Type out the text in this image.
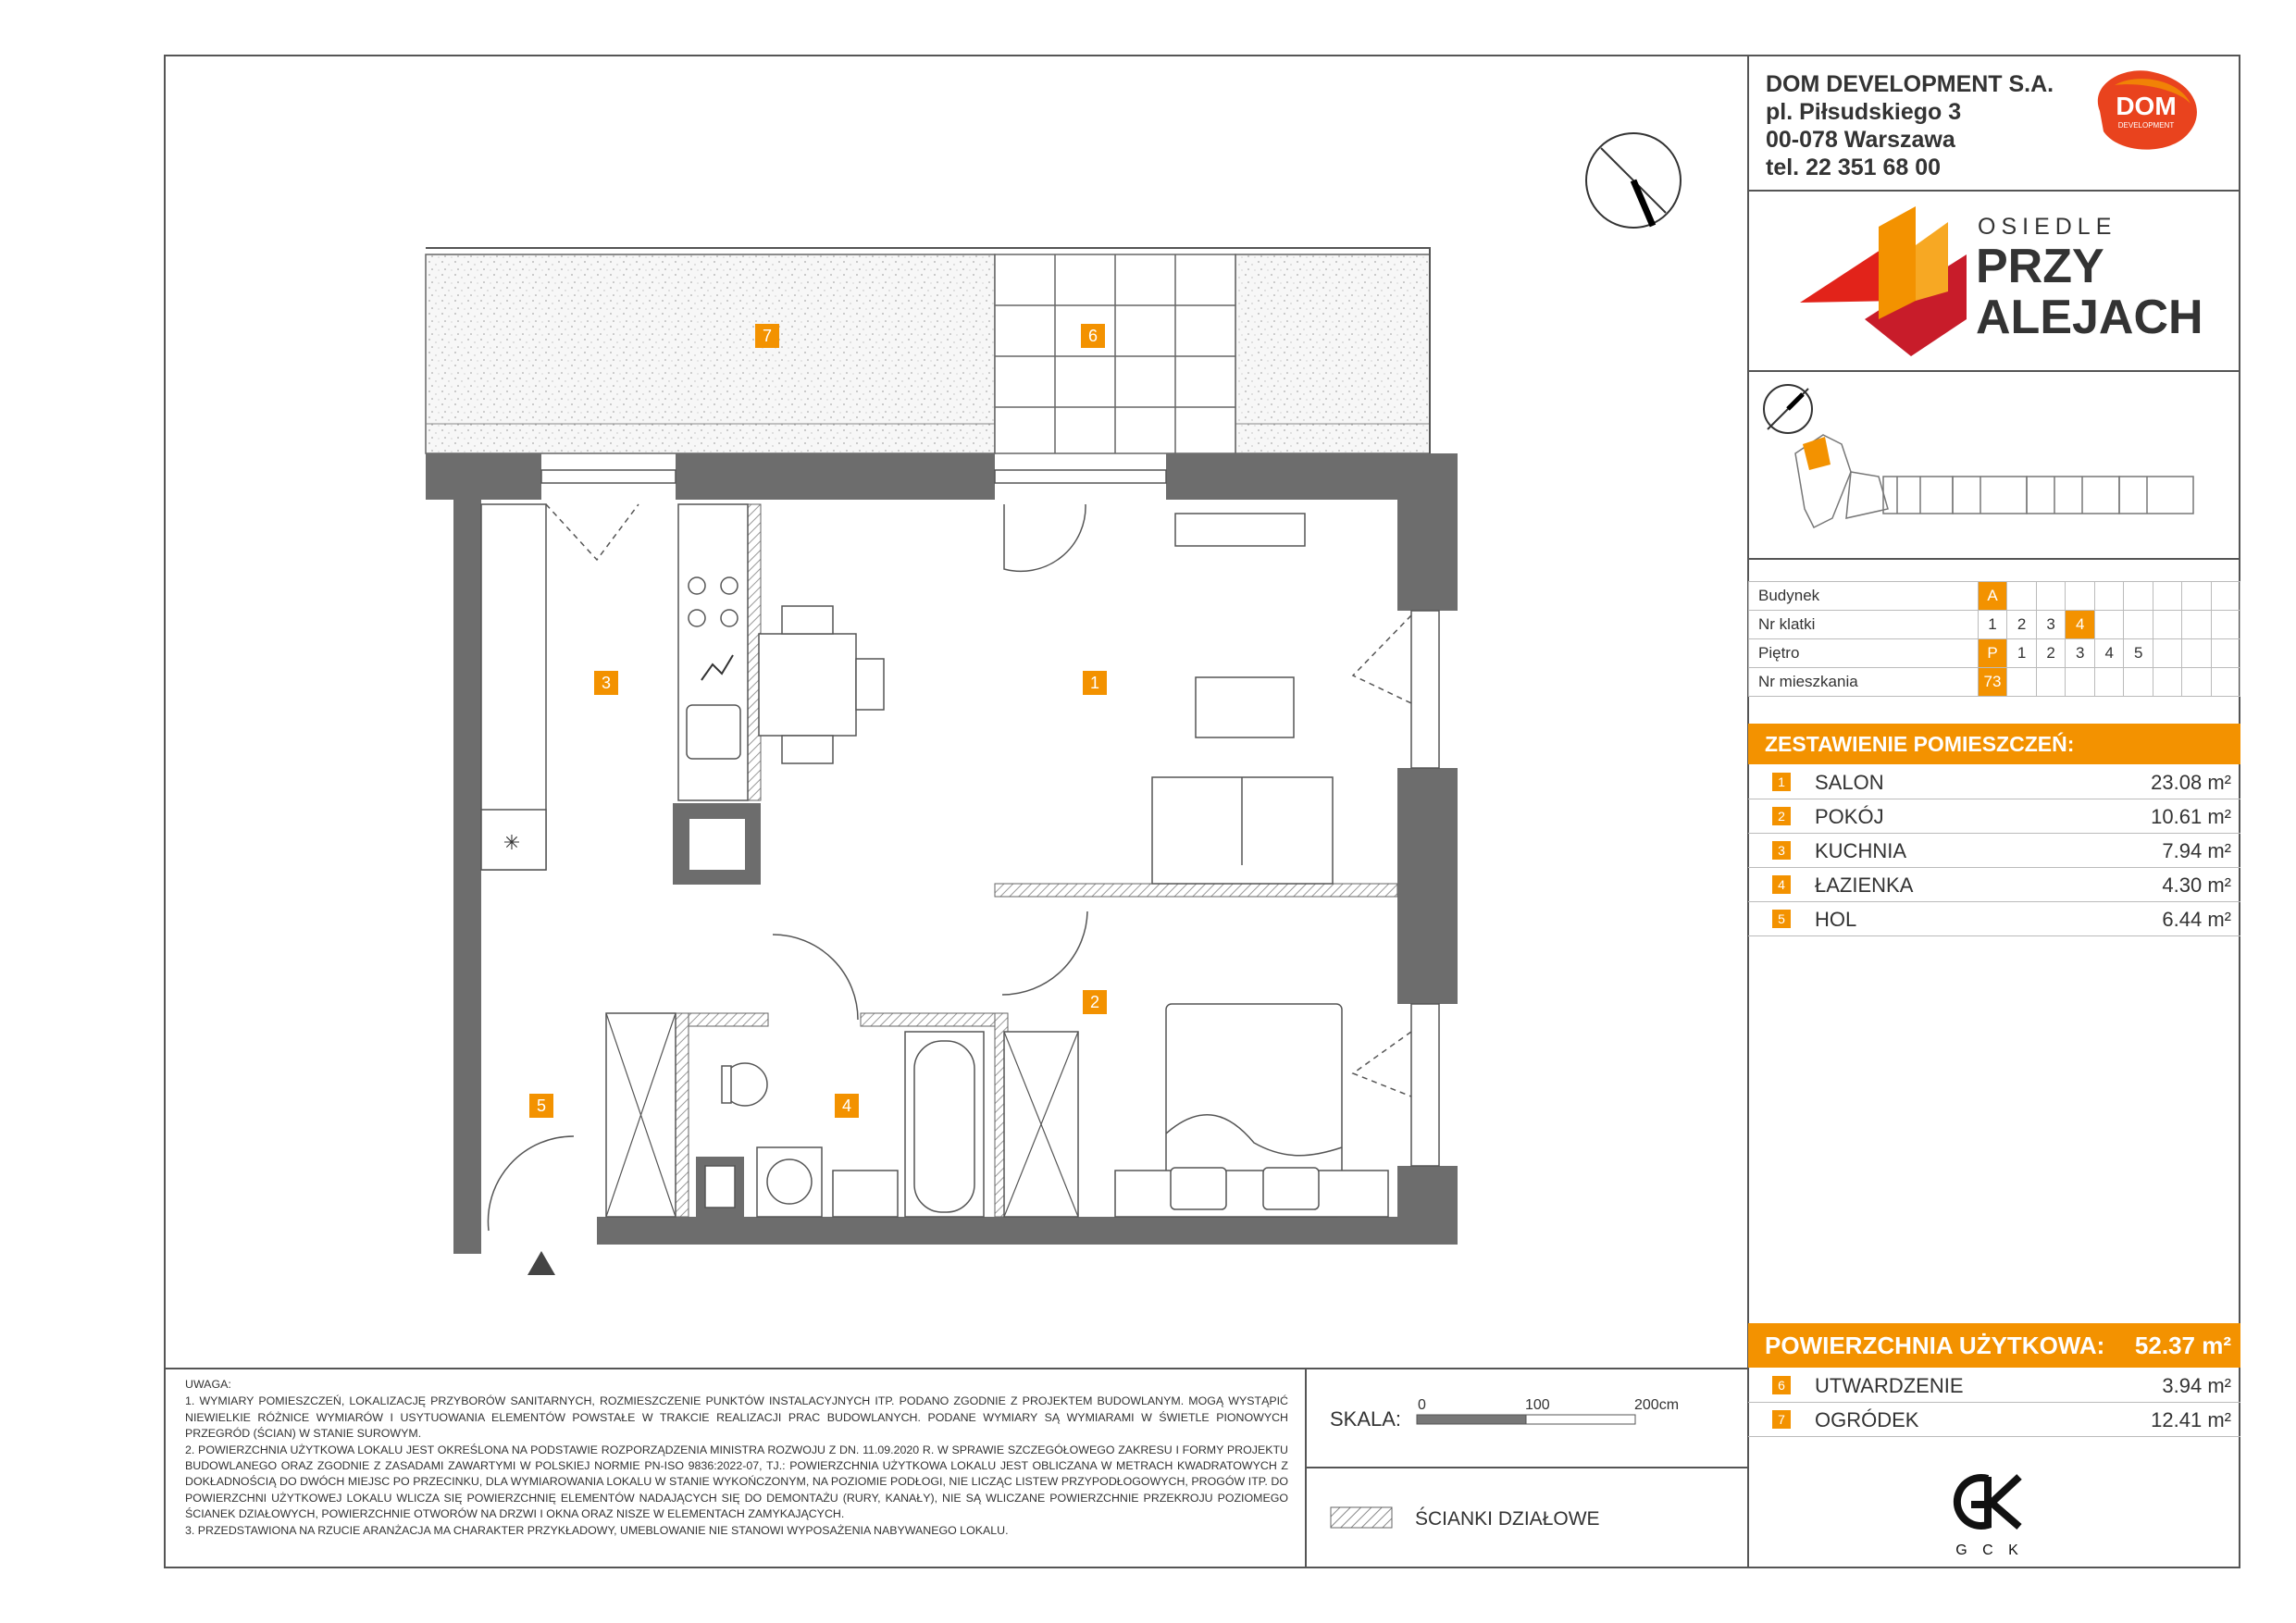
DOM DEVELOPMENT S.A.
pl. Piłsudskiego 3
00-078 Warszawa
tel. 22 351 68 00
DOM
DEVELOPMENT
OSIEDLE
PRZY
ALEJACH
Budynek	A								
Nr klatki	1	2	3	4					
Piętro	P	1	2	3	4	5			
Nr mieszkania	73								
ZESTAWIENIE POMIESZCZEŃ:
1 SALON	23.08 m²
2 POKÓJ	10.61 m²
3 KUCHNIA	7.94 m²
4 ŁAZIENKA	4.30 m²
5 HOL	6.44 m²
POWIERZCHNIA UŻYTKOWA: 52.37 m²
6 UTWARDZENIE	3.94 m²
7 OGRÓDEK	12.41 m²

UWAGA:

1. WYMIARY POMIESZCZEŃ, LOKALIZACJĘ PRZYBORÓW SANITARNYCH, ROZMIESZCZENIE PUNKTÓW INSTALACYJNYCH ITP. PODANO ZGODNIE Z PROJEKTEM BUDOWLANYM. MOGĄ WYSTĄPIĆ NIEWIELKIE RÓŻNICE WYMIARÓW I USYTUOWANIA ELEMENTÓW POWSTAŁE W TRAKCIE REALIZACJI PRAC BUDOWLANYCH. PODANE WYMIARY SĄ WYMIARAMI W ŚWIETLE PIONOWYCH PRZEGRÓD (ŚCIAN) W STANIE SUROWYM.

2. POWIERZCHNIA UŻYTKOWA LOKALU JEST OKREŚLONA NA PODSTAWIE ROZPORZĄDZENIA MINISTRA ROZWOJU Z DN. 11.09.2020 R. W SPRAWIE SZCZEGÓŁOWEGO ZAKRESU I FORMY PROJEKTU BUDOWLANEGO ORAZ ZGODNIE Z ZASADAMI ZAWARTYMI W POLSKIEJ NORMIE PN-ISO 9836:2022-07, TJ.: POWIERZCHNIA UŻYTKOWA LOKALU JEST OBLICZANA W METRACH KWADRATOWYCH Z DOKŁADNOŚCIĄ DO DWÓCH MIEJSC PO PRZECINKU, DLA WYMIAROWANIA LOKALU W STANIE WYKOŃCZONYM, NA POZIOMIE PODŁOGI, NIE LICZĄC LISTEW PRZYPODŁOGOWYCH, PROGÓW ITP. DO POWIERZCHNI UŻYTKOWEJ LOKALU WLICZA SIĘ POWIERZCHNIĘ ELEMENTÓW NADAJĄCYCH SIĘ DO DEMONTAŻU (RURY, KANAŁY), NIE SĄ WLICZANE POWIERZCHNIE PRZEKROJU POZIOMEGO ŚCIANEK DZIAŁOWYCH, POWIERZCHNIE OTWORÓW NA DRZWI I OKNA ORAZ NISZE W ELEMENTACH ZAMYKAJĄCYCH.

3. PRZEDSTAWIONA NA RZUCIE ARANŻACJA MA CHARAKTER PRZYKŁADOWY, UMEBLOWANIE NIE STANOWI WYPOSAŻENIA NABYWANEGO LOKALU.

SKALA:
0	100	200cm
ŚCIANKI DZIAŁOWE
G C K
✳
7	6
3	1
2
4
5
